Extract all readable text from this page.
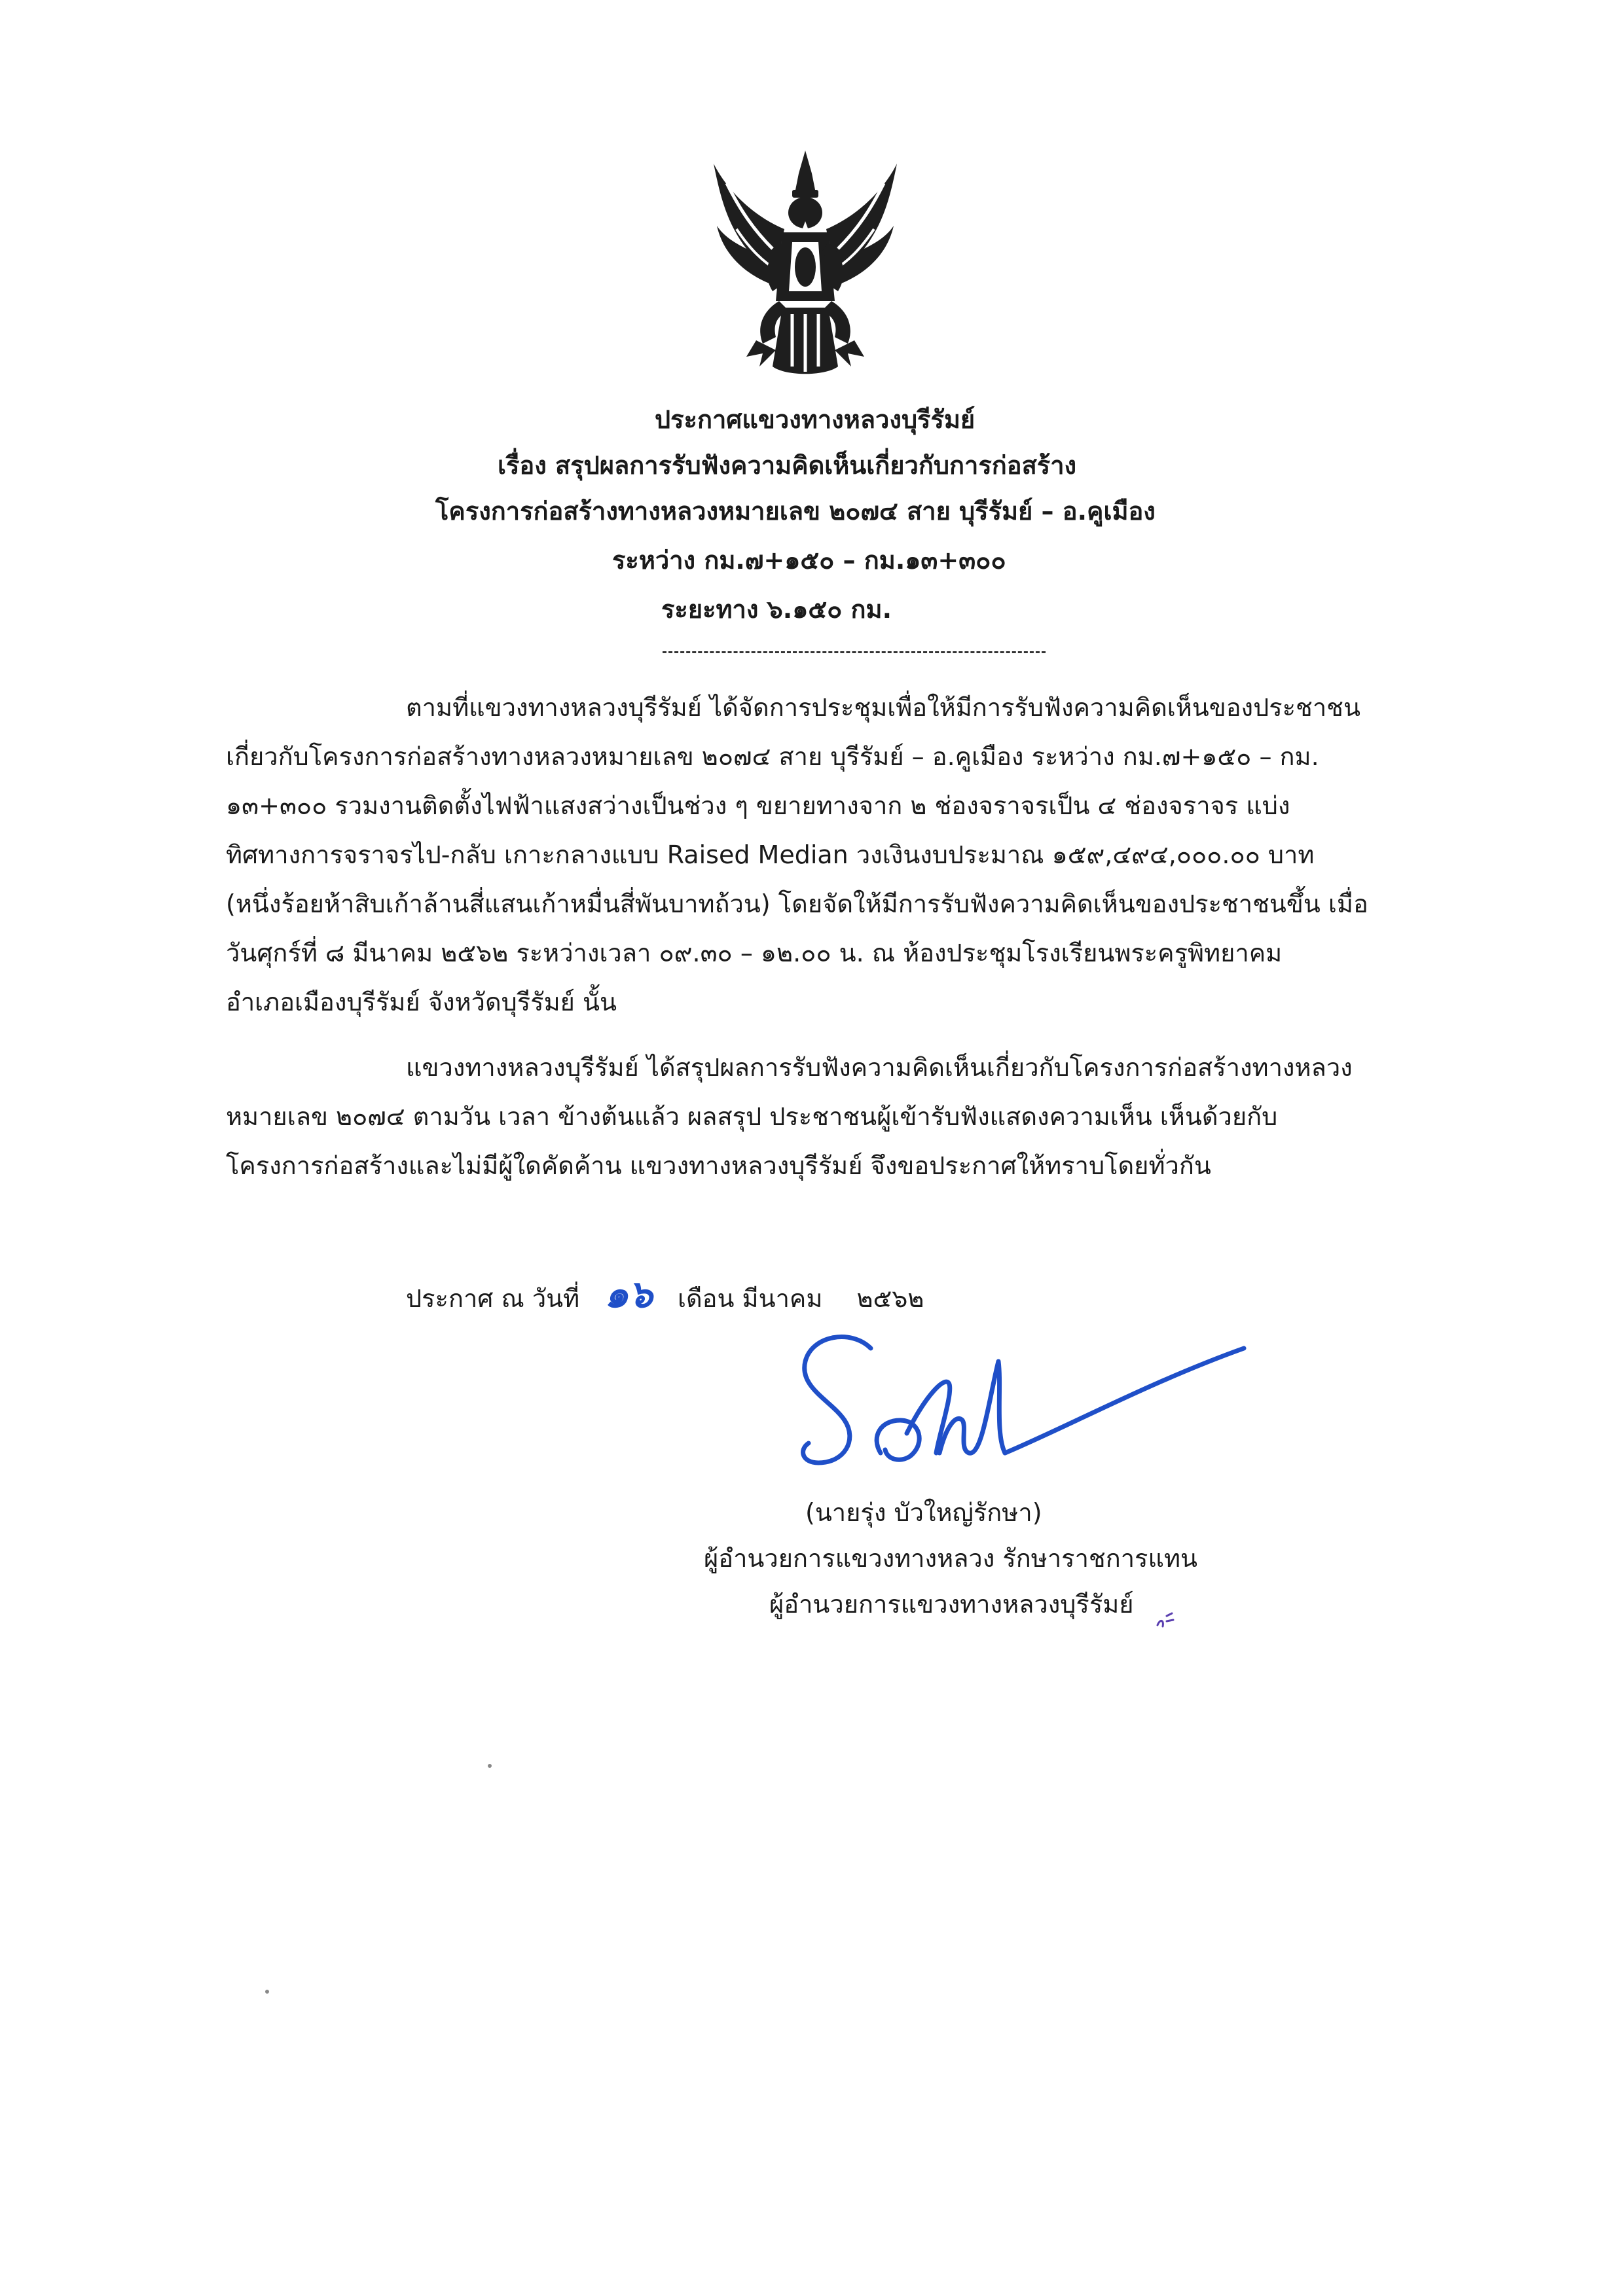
ประกาศแขวงทางหลวงบุรีรัมย์
เรื่อง สรุปผลการรับฟังความคิดเห็นเกี่ยวกับการก่อสร้าง
โครงการก่อสร้างทางหลวงหมายเลข ๒๐๗๔ สาย บุรีรัมย์ – อ.คูเมือง
ระหว่าง กม.๗+๑๕๐ – กม.๑๓+๓๐๐
ระยะทาง ๖.๑๕๐ กม.
ตามที่แขวงทางหลวงบุรีรัมย์ ได้จัดการประชุมเพื่อให้มีการรับฟังความคิดเห็นของประชาชน
เกี่ยวกับโครงการก่อสร้างทางหลวงหมายเลข ๒๐๗๔ สาย บุรีรัมย์ – อ.คูเมือง ระหว่าง กม.๗+๑๕๐ – กม.
๑๓+๓๐๐ รวมงานติดตั้งไฟฟ้าแสงสว่างเป็นช่วง ๆ ขยายทางจาก ๒ ช่องจราจรเป็น ๔ ช่องจราจร แบ่ง
ทิศทางการจราจรไป-กลับ เกาะกลางแบบ Raised Median วงเงินงบประมาณ ๑๕๙,๔๙๔,๐๐๐.๐๐ บาท
(หนึ่งร้อยห้าสิบเก้าล้านสี่แสนเก้าหมื่นสี่พันบาทถ้วน) โดยจัดให้มีการรับฟังความคิดเห็นของประชาชนขึ้น เมื่อ
วันศุกร์ที่ ๘ มีนาคม ๒๕๖๒ ระหว่างเวลา ๐๙.๓๐ – ๑๒.๐๐ น. ณ ห้องประชุมโรงเรียนพระครูพิทยาคม
อำเภอเมืองบุรีรัมย์ จังหวัดบุรีรัมย์ นั้น
แขวงทางหลวงบุรีรัมย์ ได้สรุปผลการรับฟังความคิดเห็นเกี่ยวกับโครงการก่อสร้างทางหลวง
หมายเลข ๒๐๗๔ ตามวัน เวลา ข้างต้นแล้ว ผลสรุป ประชาชนผู้เข้ารับฟังแสดงความเห็น เห็นด้วยกับ
โครงการก่อสร้างและไม่มีผู้ใดคัดค้าน แขวงทางหลวงบุรีรัมย์ จึงขอประกาศให้ทราบโดยทั่วกัน
ประกาศ ณ วันที่ ๑๖ เดือน มีนาคม ๒๕๖๒
(นายรุ่ง บัวใหญ่รักษา)
ผู้อำนวยการแขวงทางหลวง รักษาราชการแทน
ผู้อำนวยการแขวงทางหลวงบุรีรัมย์
